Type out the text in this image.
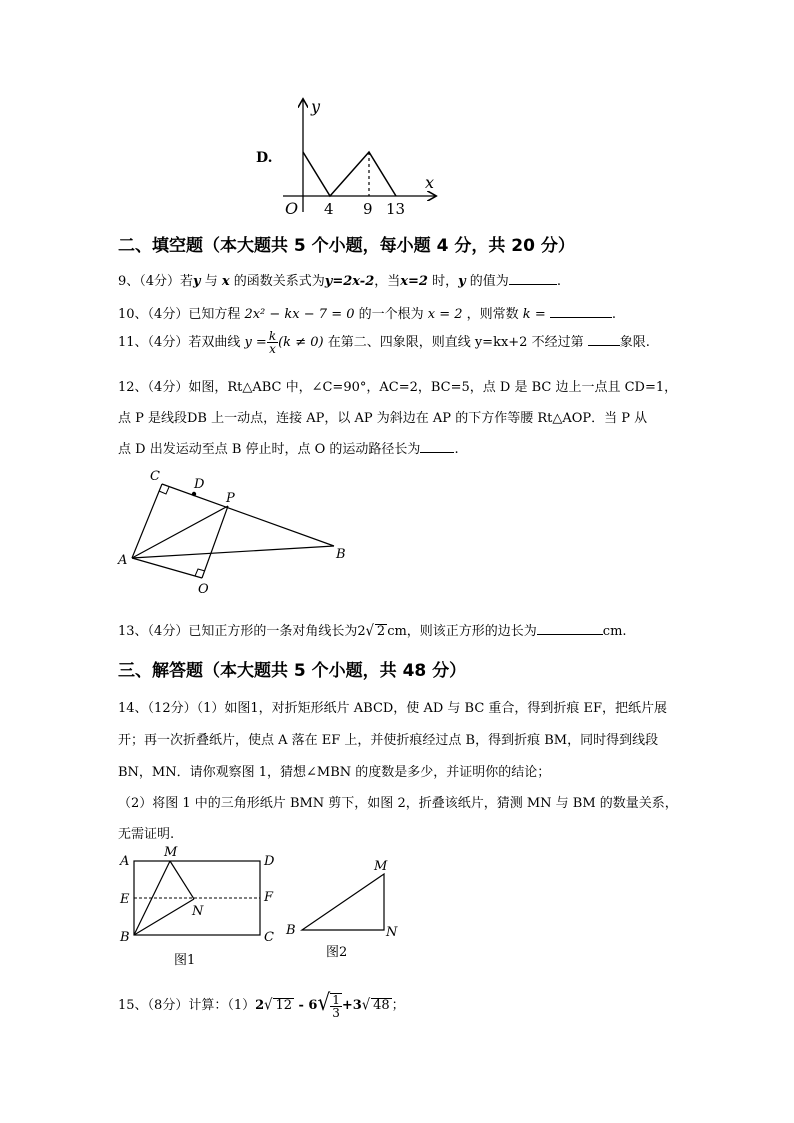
D.
y
x
O 4 9 13
二、填空题（本大题共 5 个小题，每小题 4 分，共 20 分）
9、（4分）若y 与 x 的函数关系式为y=2x-2，当x=2 时，y 的值为	.
10、（4分）已知方程 2x² − kx − 7 = 0 的一个根为 x = 2 ，则常数 k =	.
11、（4分）若双曲线 $y = \frac{k}{x} (k \ne 0)$ 在第二、四象限，则直线 y=kx+2 不经过第 象限.
12、（4分）如图，Rt△ABC 中，∠C=90°，AC=2，BC=5，点 D 是 BC 边上一点且 CD=1，
点 P 是线段DB 上一动点，连接 AP，以 AP 为斜边在 AP 的下方作等腰 Rt△AOP．当 P 从
点 D 出发运动至点 B 停止时，点 O 的运动路径长为	.
C
D
P
A	B
O
13、（4分）已知正方形的一条对角线长为2√ 2 cm，则该正方形的边长为	cm.
三、解答题（本大题共 5 个小题，共 48 分）
14、（12分）（1）如图1，对折矩形纸片 ABCD，使 AD 与 BC 重合，得到折痕 EF，把纸片展
开；再一次折叠纸片，使点 A 落在 EF 上，并使折痕经过点 B，得到折痕 BM，同时得到线段
BN，MN．请你观察图 1，猜想∠MBN 的度数是多少，并证明你的结论；
（2）将图 1 中的三角形纸片 BMN 剪下，如图 2，折叠该纸片，猜测 MN 与 BM 的数量关系，
无需证明.
A
M
D
E	F
N
B	C
图1
M
B	N
图2
15、（8分）计算：（1）2√ $12 - 6√ \frac{1}{3} +3√$ 48 ；
